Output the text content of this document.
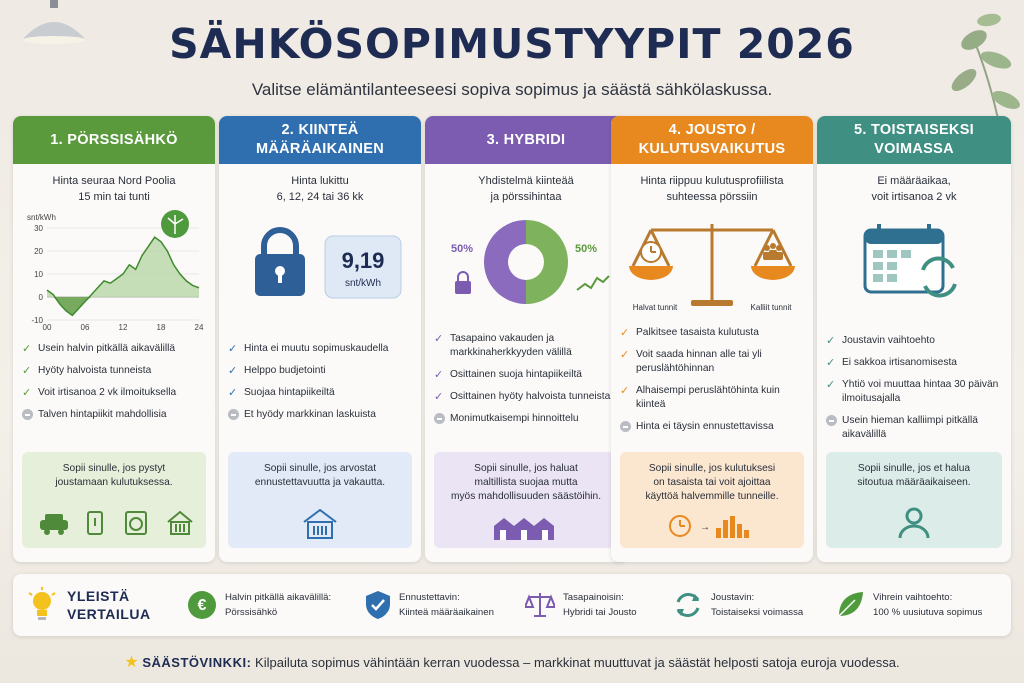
SÄHKÖSOPIMUSTYYPIT 2026

Valitse elämäntilanteeseesi sopiva sopimus ja säästä sähkölaskussa.

1. PÖRSSISÄHKÖ
Hinta seuraa Nord Poolia
15 min tai tunti
snt/kWh
30
20
10
0
-10
00	06	12	18	24
✓ Usein halvin pitkällä aikavälillä
✓ Hyöty halvoista tunneista
✓ Voit irtisanoa 2 vk ilmoituksella
Talven hintapiikit mahdollisia
Sopii sinulle, jos pystyt
joustamaan kulutuksessa.
2. KIINTEÄ MÄÄRÄAIKAINEN
Hinta lukittu
6, 12, 24 tai 36 kk
9,19
snt/kWh
✓ Hinta ei muutu sopimuskaudella
✓ Helppo budjetointi
✓ Suojaa hintapiikeiltä
Et hyödy markkinan laskuista
Sopii sinulle, jos arvostat
ennustettavuutta ja vakautta.
3. HYBRIDI
Yhdistelmä kiinteää
ja pörssihintaa
50%	50%
✓ Tasapaino vakauden ja markkinaherkkyyden välillä
✓ Osittainen suoja hintapiikeiltä
✓ Osittainen hyöty halvoista tunneista
Monimutkaisempi hinnoittelu
Sopii sinulle, jos haluat
maltillista suojaa mutta
myös mahdollisuuden säästöihin.
4. JOUSTO / KULUTUSVAIKUTUS
Hinta riippuu kulutusprofiilista
suhteessa pörssiin
Halvat tunnit	Kalliit tunnit
✓ Palkitsee tasaista kulutusta
✓ Voit saada hinnan alle tai yli peruslähtöhinnan
✓ Alhaisempi peruslähtöhinta kuin kiinteä
Hinta ei täysin ennustettavissa
Sopii sinulle, jos kulutuksesi
on tasaista tai voit ajoittaa
käyttöä halvemmille tunneille.
→
5. TOISTAISEKSI VOIMASSA
Ei määräaikaa,
voit irtisanoa 2 vk
✓ Joustavin vaihtoehto
✓ Ei sakkoa irtisanomisesta
✓ Yhtiö voi muuttaa hintaa 30 päivän ilmoitusajalla
Usein hieman kalliimpi pitkällä aikavälillä
Sopii sinulle, jos et halua
sitoutua määräaikaiseen.
YLEISTÄ
VERTAILUA	€ Halvin pitkällä aikavälillä:
Pörssisähkö
Ennustettavin:
Kiinteä määräaikainen
Tasapainoisin:
Hybridi tai Jousto
Joustavin:
Toistaiseksi voimassa
Vihrein vaihtoehto:
100 % uusiutuva sopimus
★ SÄÄSTÖVINKKI: Kilpailuta sopimus vähintään kerran vuodessa – markkinat muuttuvat ja säästät helposti satoja euroja vuodessa.
